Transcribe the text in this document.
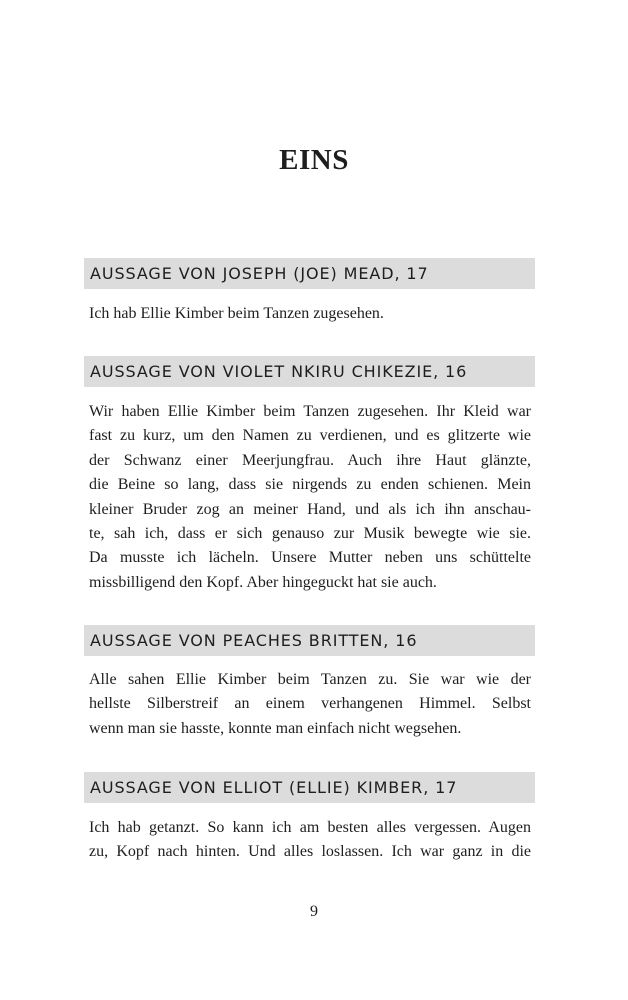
EINS
AUSSAGE VON JOSEPH (JOE) MEAD, 17
Ich hab Ellie Kimber beim Tanzen zugesehen.
AUSSAGE VON VIOLET NKIRU CHIKEZIE, 16
Wir haben Ellie Kimber beim Tanzen zugesehen. Ihr Kleid war
fast zu kurz, um den Namen zu verdienen, und es glitzerte wie
der Schwanz einer Meerjungfrau. Auch ihre Haut glänzte,
die Beine so lang, dass sie nirgends zu enden schienen. Mein
kleiner Bruder zog an meiner Hand, und als ich ihn anschau-
te, sah ich, dass er sich genauso zur Musik bewegte wie sie.
Da musste ich lächeln. Unsere Mutter neben uns schüttelte
missbilligend den Kopf. Aber hingeguckt hat sie auch.
AUSSAGE VON PEACHES BRITTEN, 16
Alle sahen Ellie Kimber beim Tanzen zu. Sie war wie der
hellste Silberstreif an einem verhangenen Himmel. Selbst
wenn man sie hasste, konnte man einfach nicht wegsehen.
AUSSAGE VON ELLIOT (ELLIE) KIMBER, 17
Ich hab getanzt. So kann ich am besten alles vergessen. Augen
zu, Kopf nach hinten. Und alles loslassen. Ich war ganz in die
9
